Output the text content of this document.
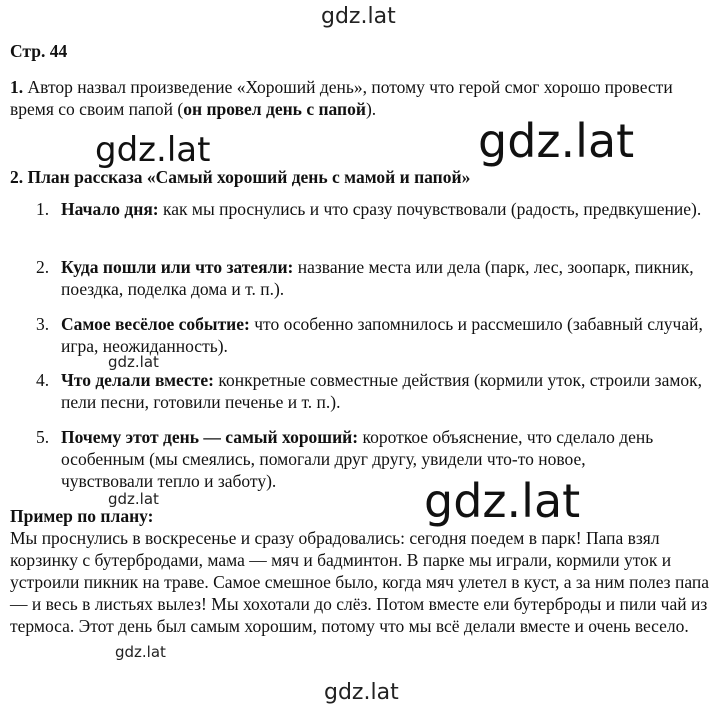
gdz.lat
Стр. 44
1. Автор назвал произведение «Хороший день», потому что герой смог хорошо провести время со своим папой (он провел день с папой).
gdz.lat	gdz.lat
2. План рассказа «Самый хороший день с мамой и папой»
1. Начало дня: как мы проснулись и что сразу почувствовали (радость, предвкушение).
2. Куда пошли или что затеяли: название места или дела (парк, лес, зоопарк, пикник, поездка, поделка дома и т. п.).
3. Самое весёлое событие: что особенно запомнилось и рассмешило (забавный случай, игра, неожиданность).
gdz.lat
4. Что делали вместе: конкретные совместные действия (кормили уток, строили замок, пели песни, готовили печенье и т. п.).
5. Почему этот день — самый хороший: короткое объяснение, что сделало день особенным (мы смеялись, помогали друг другу, увидели что-то новое, чувствовали тепло и заботу).	gdz.lat
gdz.lat
Пример по плану:
Мы проснулись в воскресенье и сразу обрадовались: сегодня поедем в парк! Папа взял корзинку с бутербродами, мама — мяч и бадминтон. В парке мы играли, кормили уток и устроили пикник на траве. Самое смешное было, когда мяч улетел в куст, а за ним полез папа — и весь в листьях вылез! Мы хохотали до слёз. Потом вместе ели бутерброды и пили чай из термоса. Этот день был самым хорошим, потому что мы всё делали вместе и очень весело.
gdz.lat
gdz.lat
